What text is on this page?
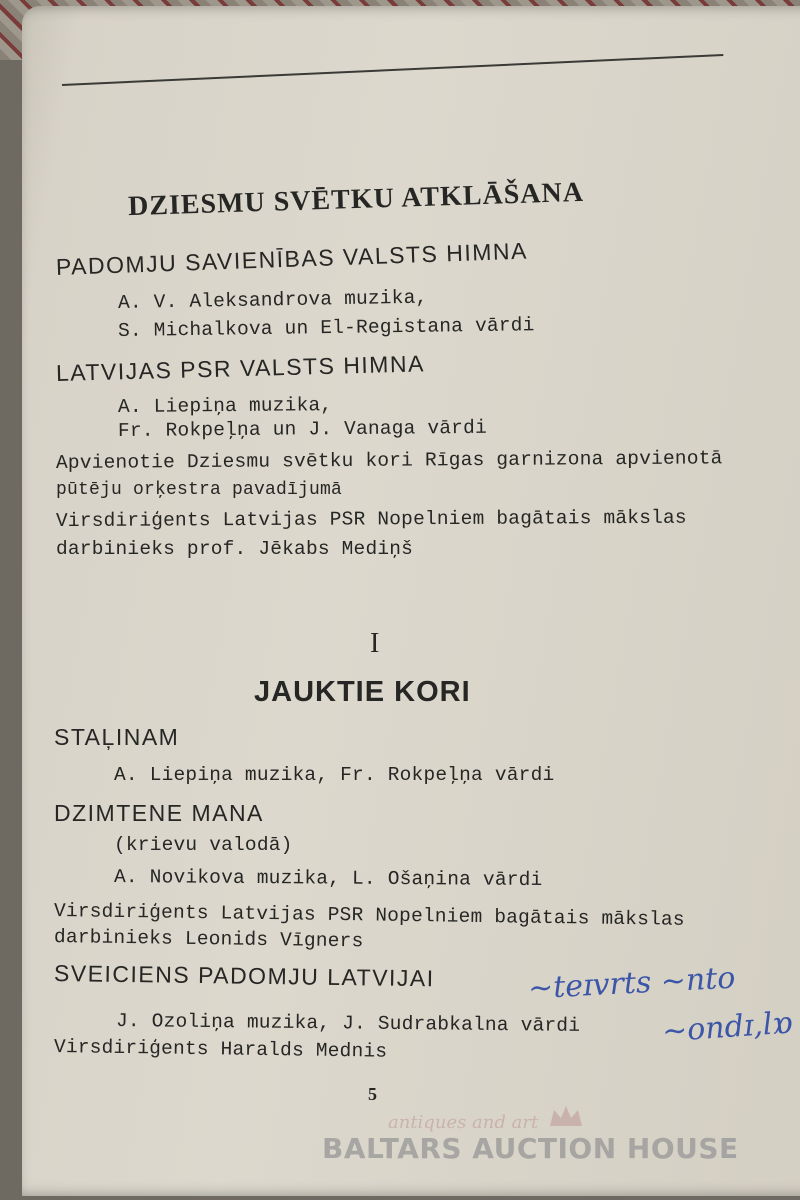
DZIESMU SVĒTKU ATKLĀŠANA
PADOMJU SAVIENĪBAS VALSTS HIMNA
A. V. Aleksandrova muzika,
S. Michalkova un El-Registana vārdi
LATVIJAS PSR VALSTS HIMNA
A. Liepiņa muzika,
Fr. Rokpeļņa un J. Vanaga vārdi
Apvienotie Dziesmu svētku kori Rīgas garnizona apvienotā
pūtēju orķestra pavadījumā
Virsdiriģents Latvijas PSR Nopelniem bagātais mākslas
darbinieks prof. Jēkabs Mediņš
I
JAUKTIE KORI
STAĻINAM
A. Liepiņa muzika, Fr. Rokpeļņa vārdi
DZIMTENE MANA
(krievu valodā)
A. Novikova muzika, L. Ošaņina vārdi
Virsdiriģents Latvijas PSR Nopelniem bagātais mākslas
darbinieks Leonids Vīgners
SVEICIENS PADOMJU LATVIJAI
J. Ozoliņa muzika, J. Sudrabkalna vārdi
Virsdiriģents Haralds Mednis
5
~teɪvrts ~nto
~ondɪ,lɒ
antiques and art
BALTARS AUCTION HOUSE
